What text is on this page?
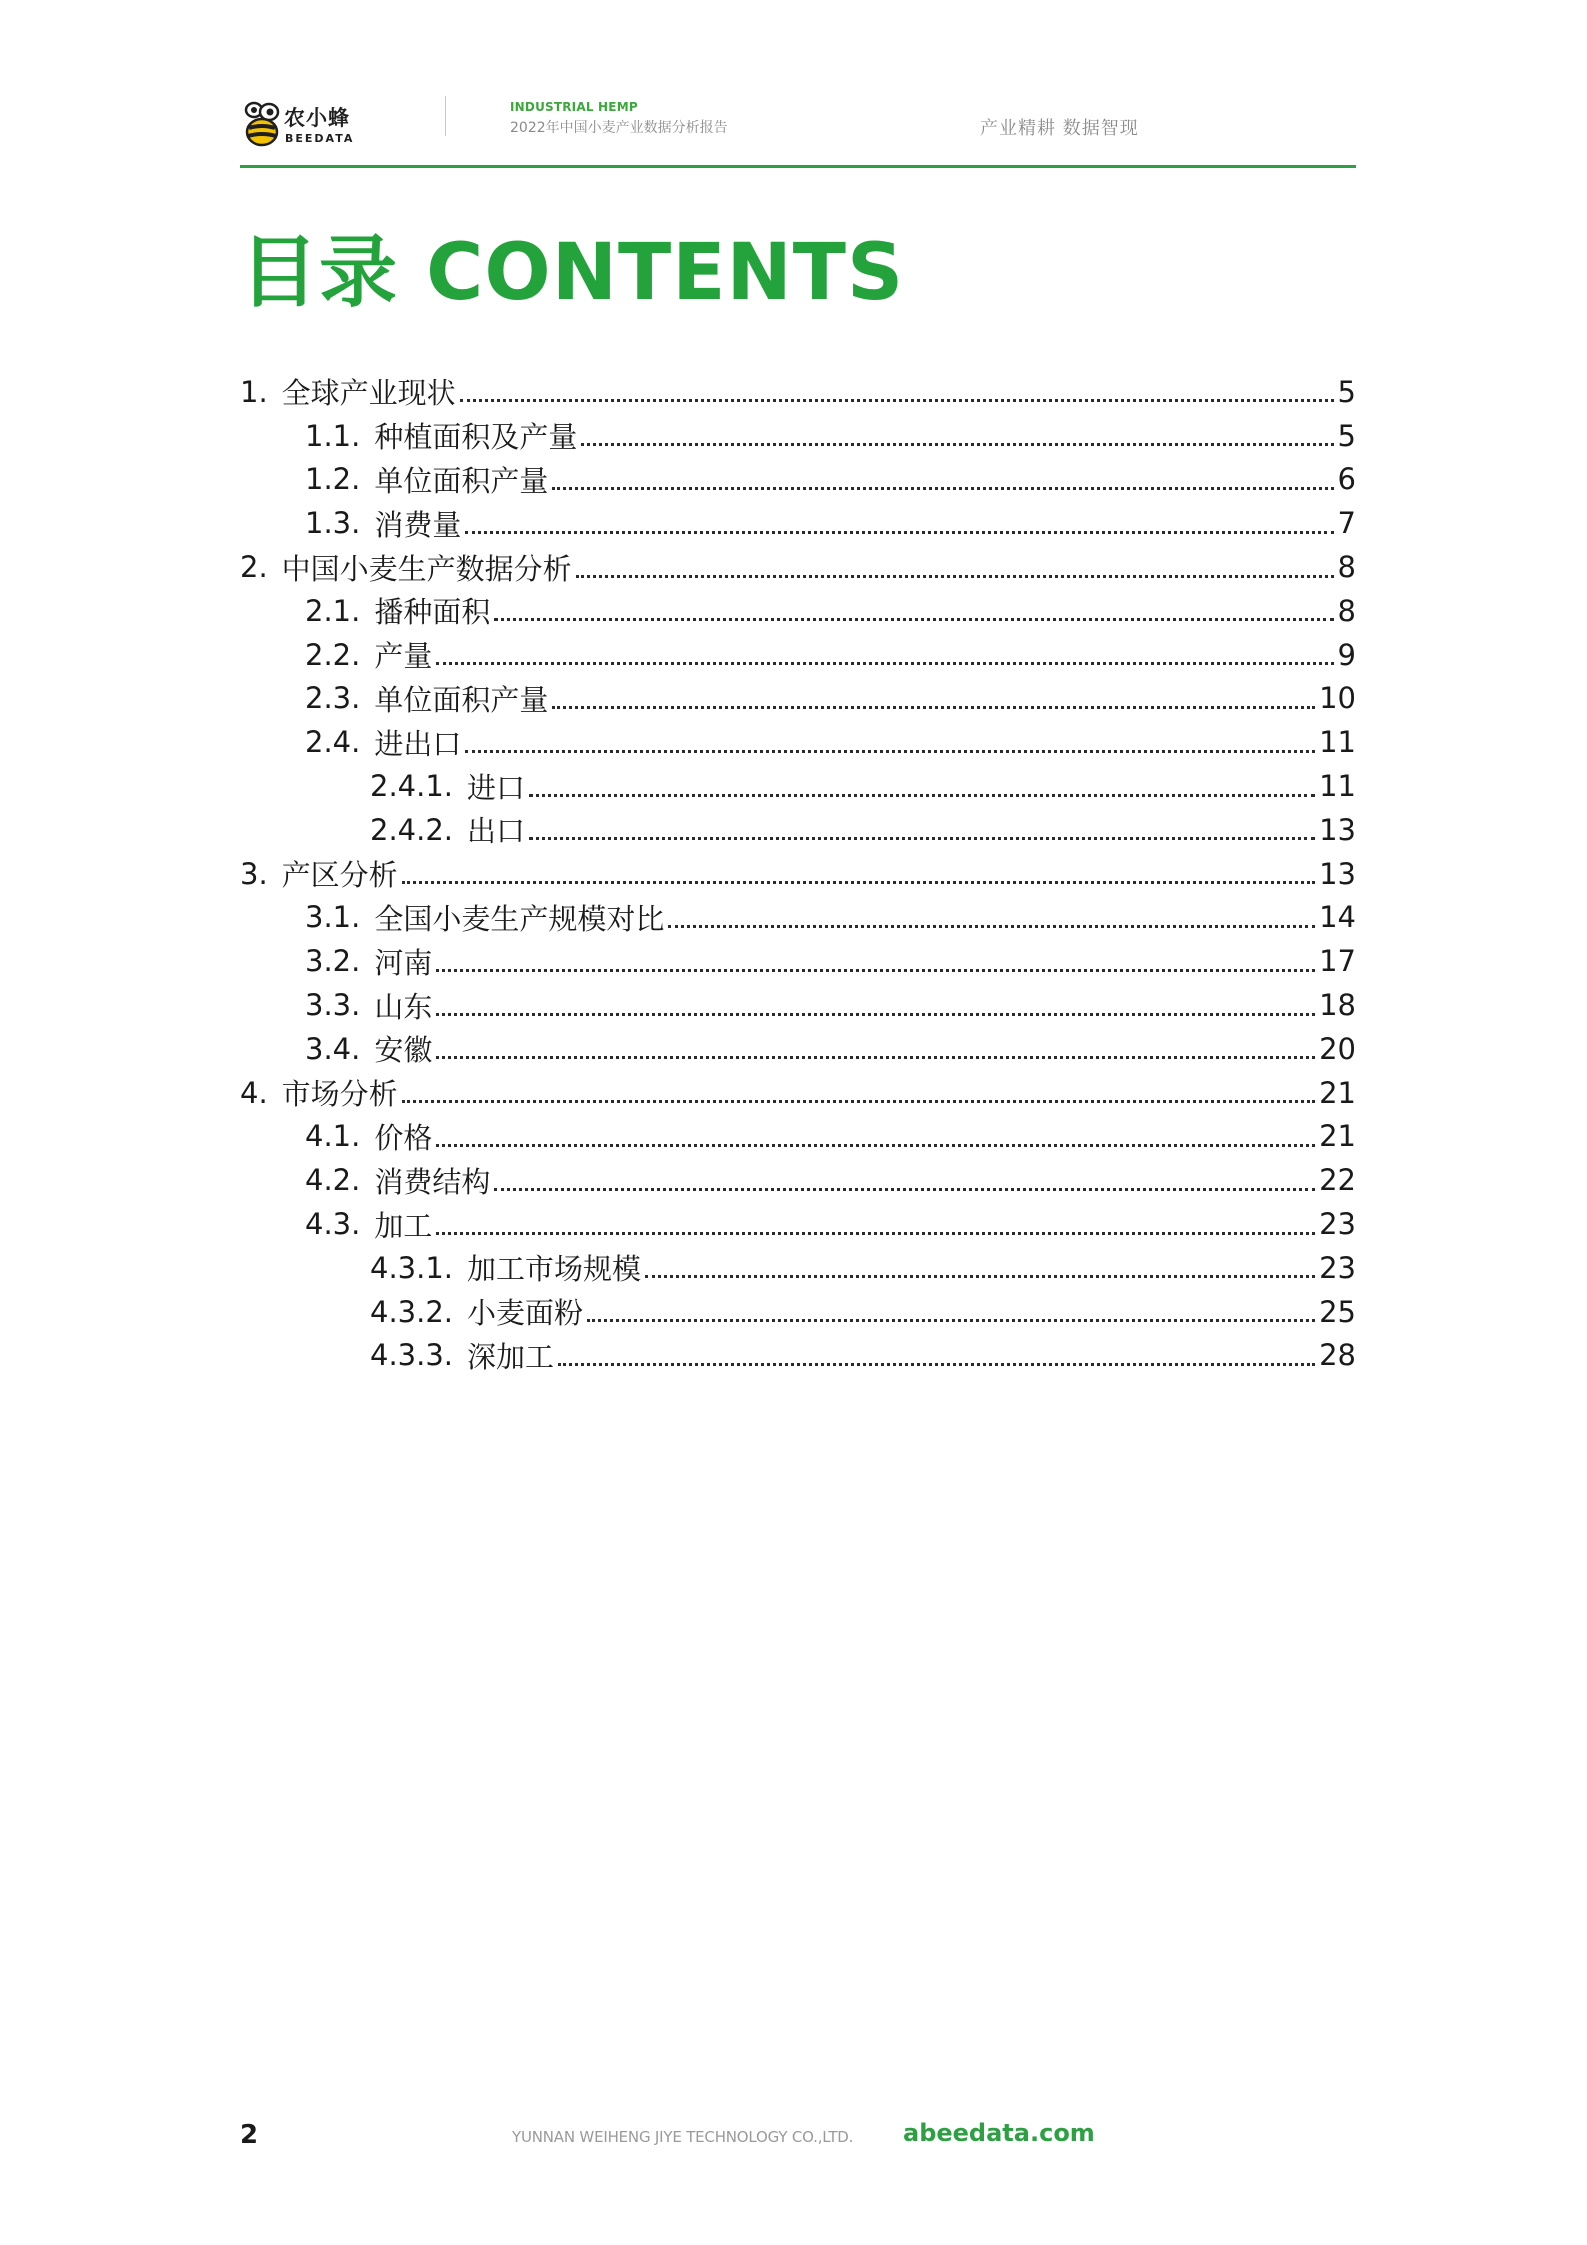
农小蜂
BEEDATA
INDUSTRIAL HEMP
2022年中国小麦产业数据分析报告	产业精耕 数据智现
目录 CONTENTS
1. 全球产业现状	5
1.1. 种植面积及产量	5
1.2. 单位面积产量	6
1.3. 消费量	7
2. 中国小麦生产数据分析	8
2.1. 播种面积	8
2.2. 产量	9
2.3. 单位面积产量	10
2.4. 进出口	11
2.4.1. 进口	11
2.4.2. 出口	13
3. 产区分析	13
3.1. 全国小麦生产规模对比	14
3.2. 河南	17
3.3. 山东	18
3.4. 安徽	20
4. 市场分析	21
4.1. 价格	21
4.2. 消费结构	22
4.3. 加工	23
4.3.1. 加工市场规模	23
4.3.2. 小麦面粉	25
4.3.3. 深加工	28
2	YUNNAN WEIHENG JIYE TECHNOLOGY CO.,LTD. abeedata.com
